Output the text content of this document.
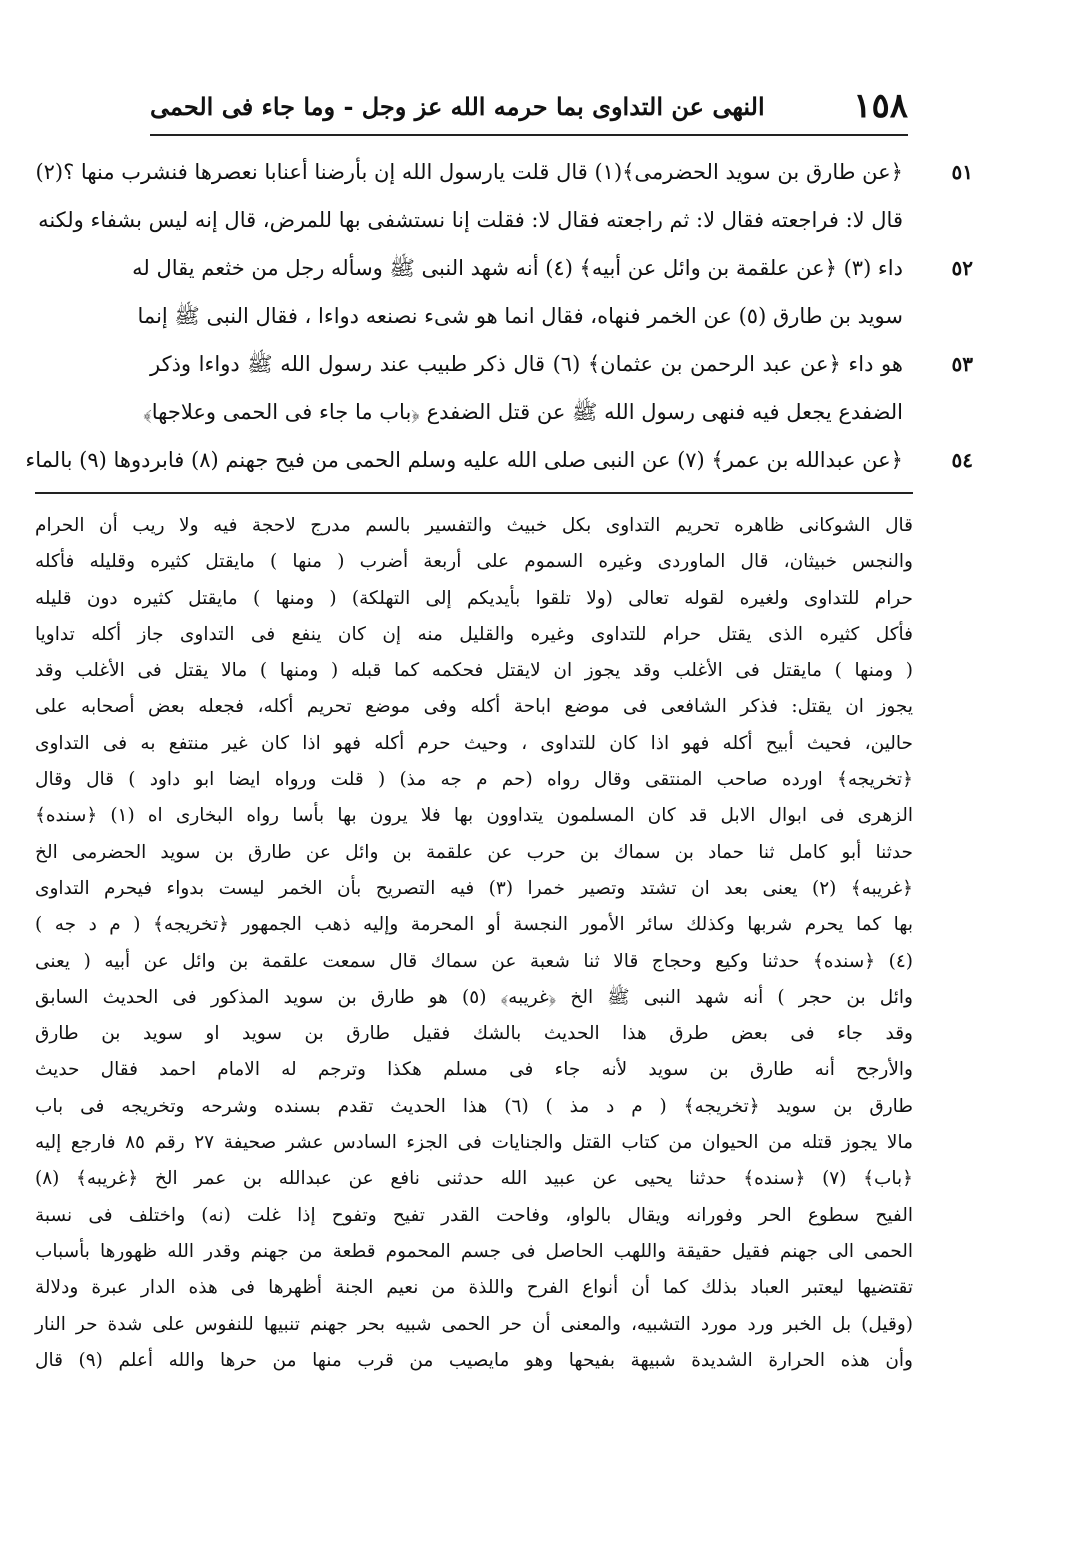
١٥٨
النهى عن التداوى بما حرمه الله عز وجل - وما جاء فى الحمى
٥١
﴿عن طارق بن سويد الحضرمى﴾(١) قال قلت يارسول الله إن بأرضنا أعنابا نعصرها فنشرب منها ؟(٢)
قال لا: فراجعته فقال لا: ثم راجعته فقال لا: فقلت إنا نستشفى بها للمرض، قال إنه ليس بشفاء ولكنه
٥٢
داء (٣) ﴿عن علقمة بن وائل عن أبيه﴾ (٤) أنه شهد النبى ﷺ وسأله رجل من خثعم يقال له
سويد بن طارق (٥) عن الخمر فنهاه، فقال انما هو شىء نصنعه دواءا ، فقال النبى ﷺ إنما
٥٣
هو داء ﴿عن عبد الرحمن بن عثمان﴾ (٦) قال ذكر طبيب عند رسول الله ﷺ دواءا وذكر
الضفدع يجعل فيه فنهى رسول الله ﷺ عن قتل الضفدع ﴿باب ما جاء فى الحمى وعلاجها﴾
٥٤
﴿عن عبدالله بن عمر﴾ (٧) عن النبى صلى الله عليه وسلم الحمى من فيح جهنم (٨) فابردوها (٩) بالماء
قال الشوكانى ظاهره تحريم التداوى بكل خبيث والتفسير بالسم مدرج لاحجة فيه ولا ريب أن الحرام
والنجس خبيثان، قال الماوردى وغيره السموم على أربعة أضرب ( منها ) مايقتل كثيره وقليله فأكله
حرام للتداوى ولغيره لقوله تعالى (ولا تلقوا بأيديكم إلى التهلكة) ( ومنها ) مايقتل كثيره دون قليله
فأكل كثيره الذى يقتل حرام للتداوى وغيره والقليل منه إن كان ينفع فى التداوى جاز أكله تداويا
( ومنها ) مايقتل فى الأغلب وقد يجوز ان لايقتل فحكمه كما قبله ( ومنها ) مالا يقتل فى الأغلب وقد
يجوز ان يقتل: فذكر الشافعى فى موضع اباحة أكله وفى موضع تحريم أكله، فجعله بعض أصحابه على
حالين، فحيث أبيح أكله فهو اذا كان للتداوى ، وحيث حرم أكله فهو اذا كان غير منتفع به فى التداوى
﴿تخريجه﴾ اورده صاحب المنتقى وقال رواه (حم م جه مذ) ( قلت ورواه ايضا ابو داود ) قال وقال
الزهرى فى ابوال الابل قد كان المسلمون يتداوون بها فلا يرون بها بأسا رواه البخارى اه (١) ﴿سنده﴾
حدثنا أبو كامل ثنا حماد بن سماك بن حرب عن علقمة بن وائل عن طارق بن سويد الحضرمى الخ
﴿غريبه﴾ (٢) يعنى بعد ان تشتد وتصير خمرا (٣) فيه التصريح بأن الخمر ليست بدواء فيحرم التداوى
بها كما يحرم شربها وكذلك سائر الأمور النجسة أو المحرمة وإليه ذهب الجمهور ﴿تخريجه﴾ ( م د جه )
(٤) ﴿سنده﴾ حدثنا وكيع وحجاج قالا ثنا شعبة عن سماك قال سمعت علقمة بن وائل عن أبيه ( يعنى
وائل بن حجر ) أنه شهد النبى ﷺ الخ ﴿غريبه﴾ (٥) هو طارق بن سويد المذكور فى الحديث السابق
وقد جاء فى بعض طرق هذا الحديث بالشك فقيل طارق بن سويد او سويد بن طارق
والأرجح أنه طارق بن سويد لأنه جاء فى مسلم هكذا وترجم له الامام احمد فقال حديث
طارق بن سويد ﴿تخريجه﴾ ( م د مذ ) (٦) هذا الحديث تقدم بسنده وشرحه وتخريجه فى باب
مالا يجوز قتله من الحيوان من كتاب القتل والجنايات فى الجزء السادس عشر صحيفة ٢٧ رقم ٨٥ فارجع إليه
﴿باب﴾ (٧) ﴿سنده﴾ حدثنا يحيى عن عبيد الله حدثنى نافع عن عبدالله بن عمر الخ ﴿غريبه﴾ (٨)
الفيح سطوع الحر وفورانه ويقال بالواو، وفاحت القدر تفيح وتفوح إذا غلت (نه) واختلف فى نسبة
الحمى الى جهنم فقيل حقيقة واللهب الحاصل فى جسم المحموم قطعة من جهنم وقدر الله ظهورها بأسباب
تقتضيها ليعتبر العباد بذلك كما أن أنواع الفرح واللذة من نعيم الجنة أظهرها فى هذه الدار عبرة ودلالة
(وقيل) بل الخبر ورد مورد التشبيه، والمعنى أن حر الحمى شبيه بحر جهنم تنبيها للنفوس على شدة حر النار
وأن هذه الحرارة الشديدة شبيهة بفيحها وهو مايصيب من قرب منها من حرها والله أعلم (٩) قال
